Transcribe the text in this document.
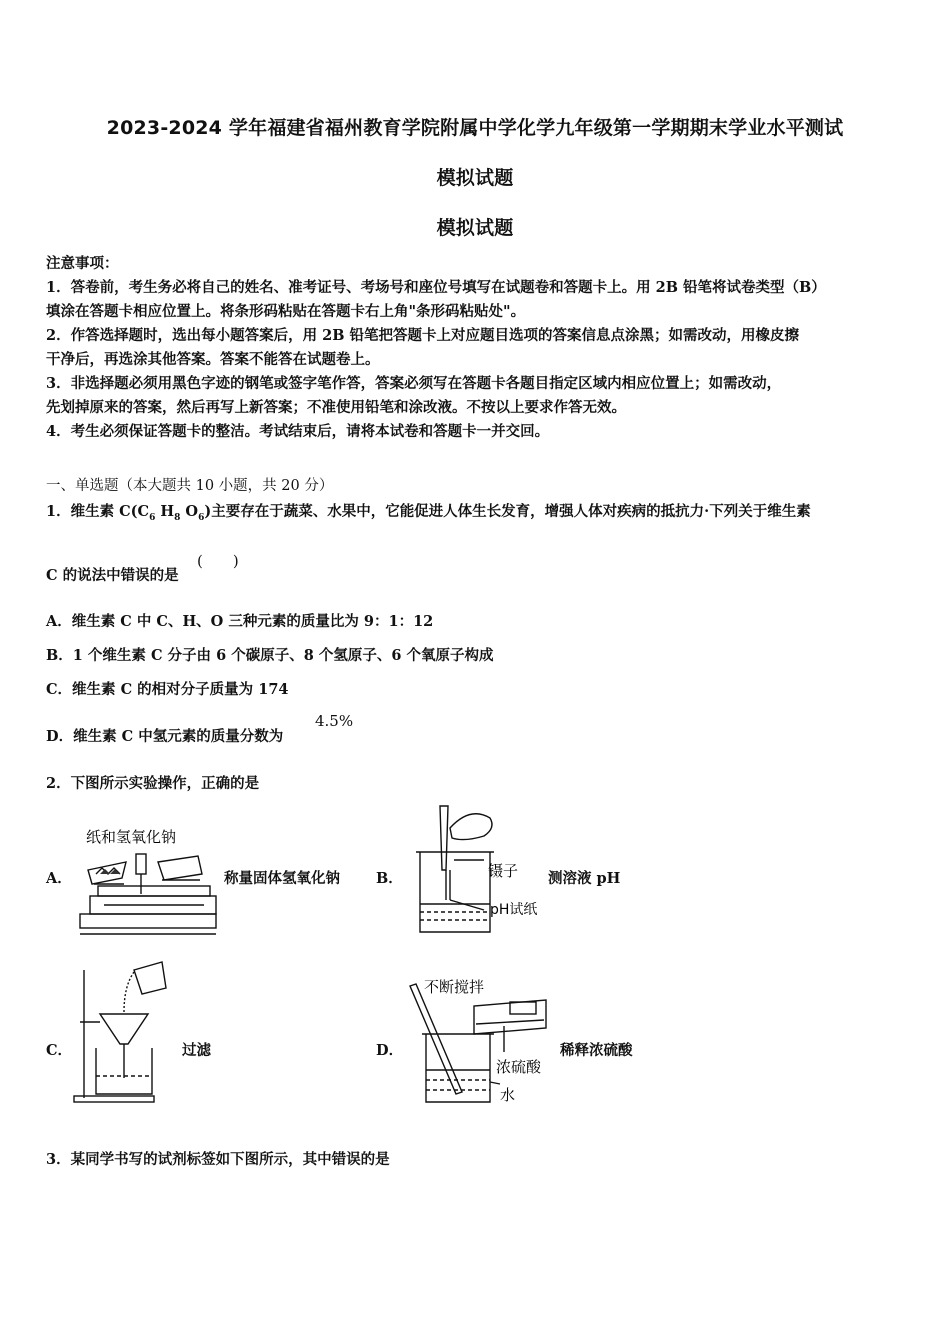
2023-2024 学年福建省福州教育学院附属中学化学九年级第一学期期末学业水平测试
模拟试题
模拟试题

注意事项：

1．答卷前，考生务必将自己的姓名、准考证号、考场号和座位号填写在试题卷和答题卡上。用 2B 铅笔将试卷类型（B）

填涂在答题卡相应位置上。将条形码粘贴在答题卡右上角"条形码粘贴处"。

2．作答选择题时，选出每小题答案后，用 2B 铅笔把答题卡上对应题目选项的答案信息点涂黑；如需改动，用橡皮擦

干净后，再选涂其他答案。答案不能答在试题卷上。

3．非选择题必须用黑色字迹的钢笔或签字笔作答，答案必须写在答题卡各题目指定区域内相应位置上；如需改动，

先划掉原来的答案，然后再写上新答案；不准使用铅笔和涂改液。不按以上要求作答无效。

4．考生必须保证答题卡的整洁。考试结束后，请将本试卷和答题卡一并交回。

一、单选题（本大题共 10 小题，共 20 分）
1．维生素 $C(C_6$ $H_8$ $O_6$)主要存在于蔬菜、水果中，它能促进人体生长发育，增强人体对疾病的抵抗力·下列关于维生素
C 的说法中错误的是
(　　)
A．维生素 C 中 C、H、O 三种元素的质量比为 9：1：12
B．1 个维生素 C 分子由 6 个碳原子、8 个氢原子、6 个氧原子构成
C．维生素 C 的相对分子质量为 174
D．维生素 C 中氢元素的质量分数为
4.5%
2．下图所示实验操作，正确的是
A．
纸和氢氧化钠
称量固体氢氧化钠 B．	镊子
pH试纸
测溶液 pH
C．	过滤	D．
不断搅拌
浓硫酸
水
稀释浓硫酸
3．某同学书写的试剂标签如下图所示，其中错误的是
